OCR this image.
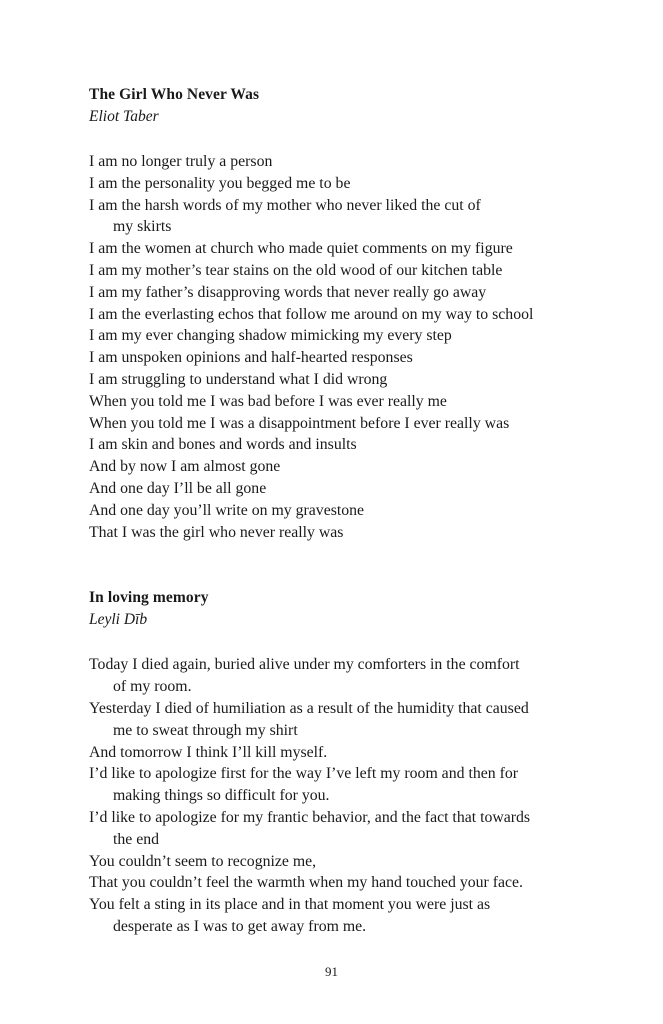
The Girl Who Never Was
Eliot Taber
I am no longer truly a person
I am the personality you begged me to be
I am the harsh words of my mother who never liked the cut of
my skirts
I am the women at church who made quiet comments on my figure
I am my mother’s tear stains on the old wood of our kitchen table
I am my father’s disapproving words that never really go away
I am the everlasting echos that follow me around on my way to school
I am my ever changing shadow mimicking my every step
I am unspoken opinions and half-hearted responses
I am struggling to understand what I did wrong
When you told me I was bad before I was ever really me
When you told me I was a disappointment before I ever really was
I am skin and bones and words and insults
And by now I am almost gone
And one day I’ll be all gone
And one day you’ll write on my gravestone
That I was the girl who never really was
In loving memory
Leyli Dīb
Today I died again, buried alive under my comforters in the comfort
of my room.
Yesterday I died of humiliation as a result of the humidity that caused
me to sweat through my shirt
And tomorrow I think I’ll kill myself.
I’d like to apologize first for the way I’ve left my room and then for
making things so difficult for you.
I’d like to apologize for my frantic behavior, and the fact that towards
the end
You couldn’t seem to recognize me,
That you couldn’t feel the warmth when my hand touched your face.
You felt a sting in its place and in that moment you were just as
desperate as I was to get away from me.
91
